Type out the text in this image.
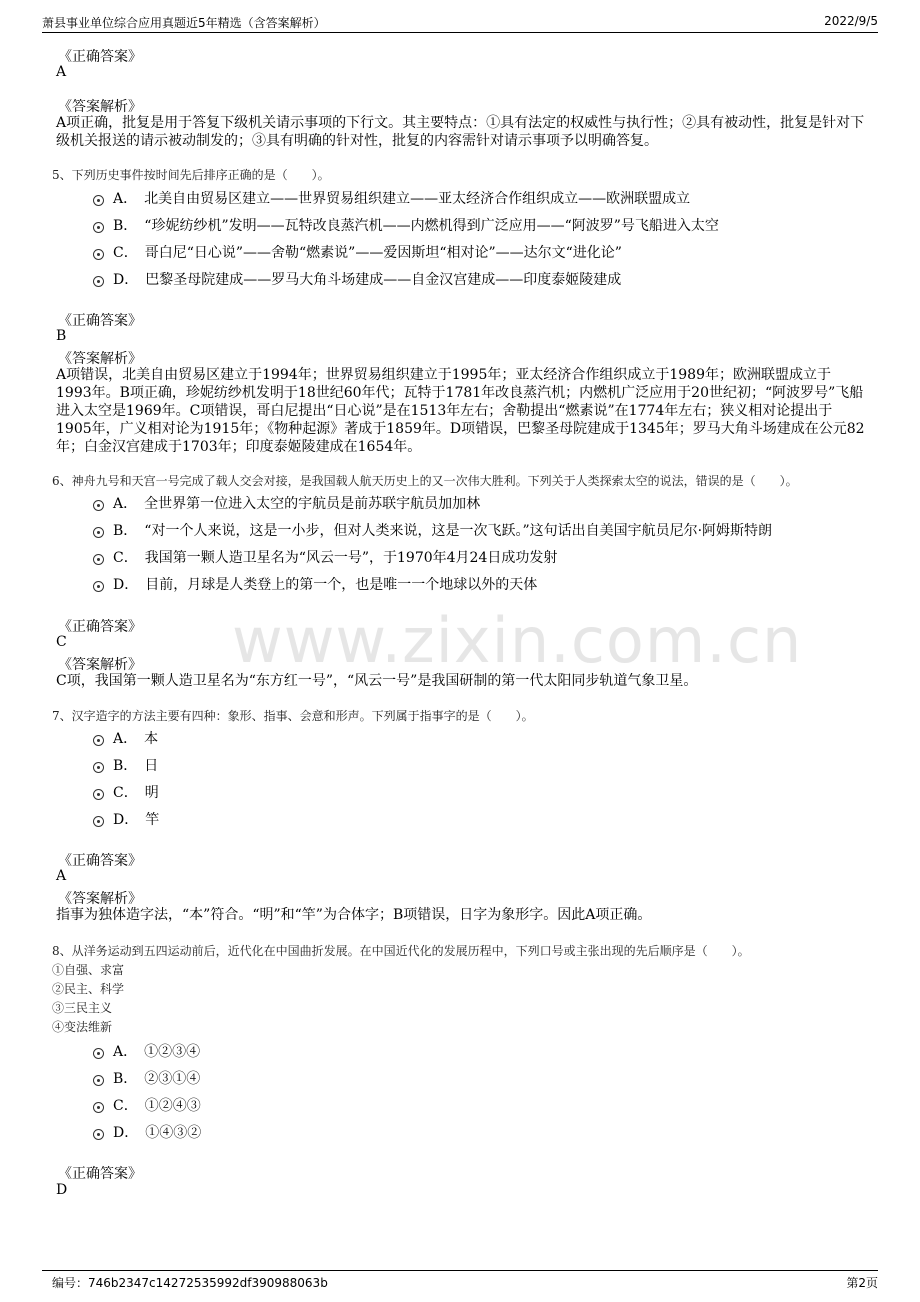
萧县事业单位综合应用真题近5年精选（含答案解析）	2022/9/5
www.zixin.com.cn
《正确答案》
A
《答案解析》
A项正确，批复是用于答复下级机关请示事项的下行文。其主要特点：①具有法定的权威性与执行性；②具有被动性，批复是针对下级机关报送的请示被动制发的；③具有明确的针对性，批复的内容需针对请示事项予以明确答复。
5、下列历史事件按时间先后排序正确的是（　　）。
A．　北美自由贸易区建立——世界贸易组织建立——亚太经济合作组织成立——欧洲联盟成立
B．　“珍妮纺纱机”发明——瓦特改良蒸汽机——内燃机得到广泛应用——“阿波罗”号飞船进入太空
C．　哥白尼“日心说”——舍勒“燃素说”——爱因斯坦“相对论”——达尔文“进化论”
D．　巴黎圣母院建成——罗马大角斗场建成——自金汉宫建成——印度泰姬陵建成
《正确答案》
B
《答案解析》
A项错误，北美自由贸易区建立于1994年；世界贸易组织建立于1995年；亚太经济合作组织成立于1989年；欧洲联盟成立于1993年。B项正确，珍妮纺纱机发明于18世纪60年代；瓦特于1781年改良蒸汽机；内燃机广泛应用于20世纪初；“阿波罗号”飞船进入太空是1969年。C项错误，哥白尼提出“日心说”是在1513年左右；舍勒提出“燃素说”在1774年左右；狭义相对论提出于1905年，广义相对论为1915年；《物种起源》著成于1859年。D项错误，巴黎圣母院建成于1345年；罗马大角斗场建成在公元82年；白金汉宫建成于1703年；印度泰姬陵建成在1654年。
6、神舟九号和天宫一号完成了载人交会对接，是我国载人航天历史上的又一次伟大胜利。下列关于人类探索太空的说法，错误的是（　　）。
A．　全世界第一位进入太空的宇航员是前苏联宇航员加加林
B．　“对一个人来说，这是一小步，但对人类来说，这是一次飞跃。”这句话出自美国宇航员尼尔·阿姆斯特朗
C．　我国第一颗人造卫星名为“风云一号”，于1970年4月24日成功发射
D．　目前，月球是人类登上的第一个，也是唯一一个地球以外的天体
《正确答案》
C
《答案解析》
C项，我国第一颗人造卫星名为“东方红一号”，“风云一号”是我国研制的第一代太阳同步轨道气象卫星。
7、汉字造字的方法主要有四种：象形、指事、会意和形声。下列属于指事字的是（　　）。
A．　本
B．　日
C．　明
D．　竿
《正确答案》
A
《答案解析》
指事为独体造字法，“本”符合。“明”和“竿”为合体字；B项错误，日字为象形字。因此A项正确。
8、从洋务运动到五四运动前后，近代化在中国曲折发展。在中国近代化的发展历程中，下列口号或主张出现的先后顺序是（　　）。
①自强、求富
②民主、科学
③三民主义
④变法维新
A．　①②③④
B．　②③①④
C．　①②④③
D．　①④③②
《正确答案》
D
编号：746b2347c14272535992df390988063b	第2页
